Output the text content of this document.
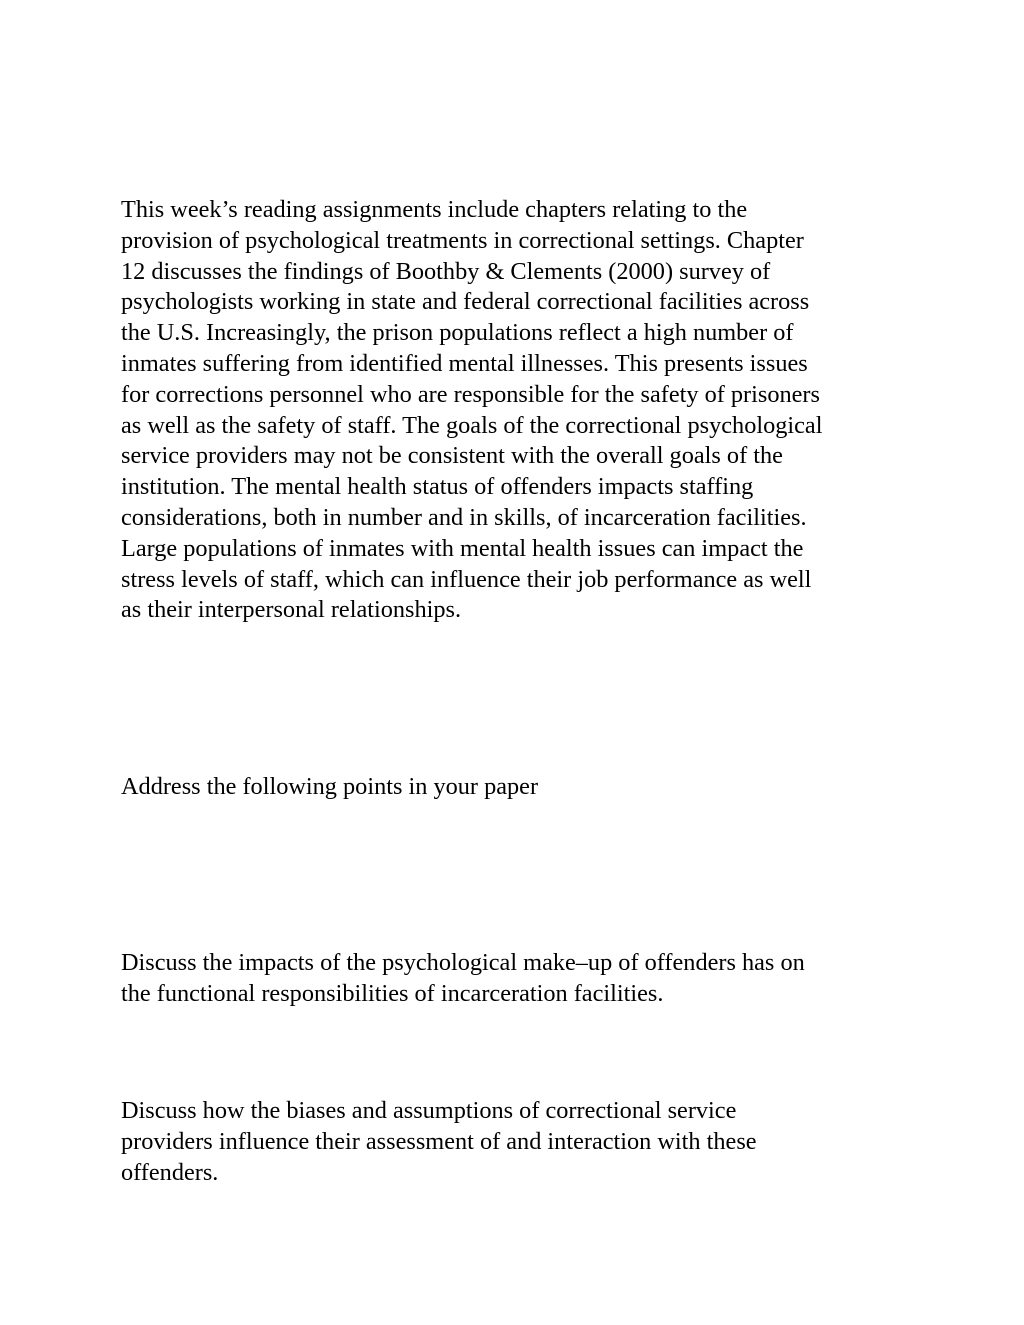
This week’s reading assignments include chapters relating to the
provision of psychological treatments in correctional settings. Chapter
12 discusses the findings of Boothby & Clements (2000) survey of
psychologists working in state and federal correctional facilities across
the U.S. Increasingly, the prison populations reflect a high number of
inmates suffering from identified mental illnesses. This presents issues
for corrections personnel who are responsible for the safety of prisoners
as well as the safety of staff. The goals of the correctional psychological
service providers may not be consistent with the overall goals of the
institution. The mental health status of offenders impacts staffing
considerations, both in number and in skills, of incarceration facilities.
Large populations of inmates with mental health issues can impact the
stress levels of staff, which can influence their job performance as well
as their interpersonal relationships.

Address the following points in your paper

Discuss the impacts of the psychological make–up of offenders has on
the functional responsibilities of incarceration facilities.

Discuss how the biases and assumptions of correctional service
providers influence their assessment of and interaction with these
offenders.
